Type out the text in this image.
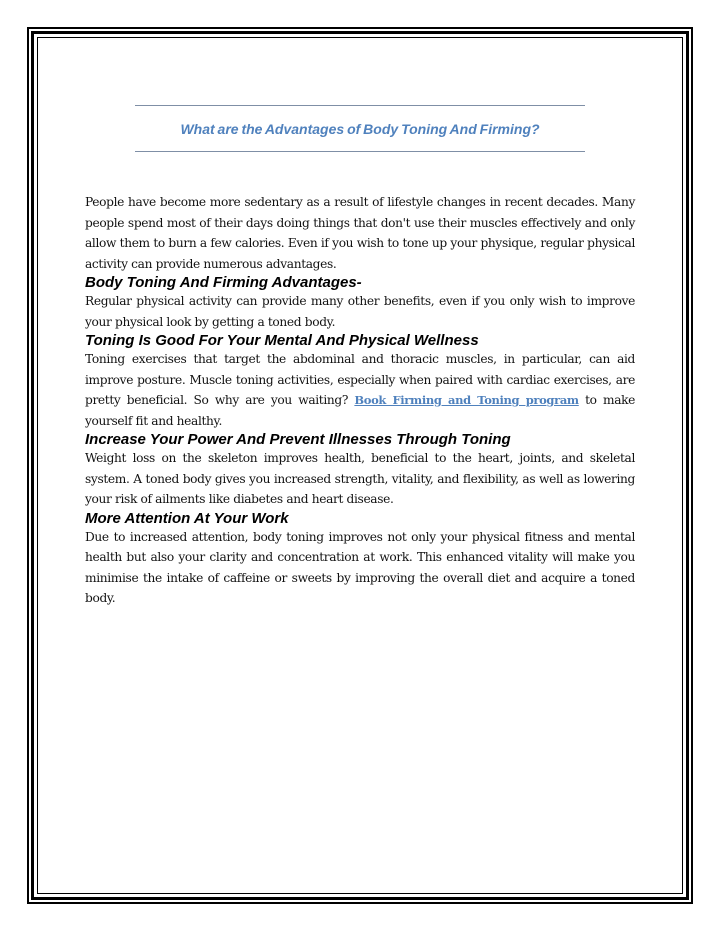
What are the Advantages of Body Toning And Firming?

People have become more sedentary as a result of lifestyle changes in recent decades. Many people spend most of their days doing things that don't use their muscles effectively and only allow them to burn a few calories. Even if you wish to tone up your physique, regular physical activity can provide numerous advantages.

Body Toning And Firming Advantages-

Regular physical activity can provide many other benefits, even if you only wish to improve your physical look by getting a toned body.

Toning Is Good For Your Mental And Physical Wellness

Toning exercises that target the abdominal and thoracic muscles, in particular, can aid improve posture. Muscle toning activities, especially when paired with cardiac exercises, are pretty beneficial. So why are you waiting? Book Firming and Toning program to make yourself fit and healthy.

Increase Your Power And Prevent Illnesses Through Toning

Weight loss on the skeleton improves health, beneficial to the heart, joints, and skeletal system. A toned body gives you increased strength, vitality, and flexibility, as well as lowering your risk of ailments like diabetes and heart disease.

More Attention At Your Work

Due to increased attention, body toning improves not only your physical fitness and mental health but also your clarity and concentration at work. This enhanced vitality will make you minimise the intake of caffeine or sweets by improving the overall diet and acquire a toned body.
